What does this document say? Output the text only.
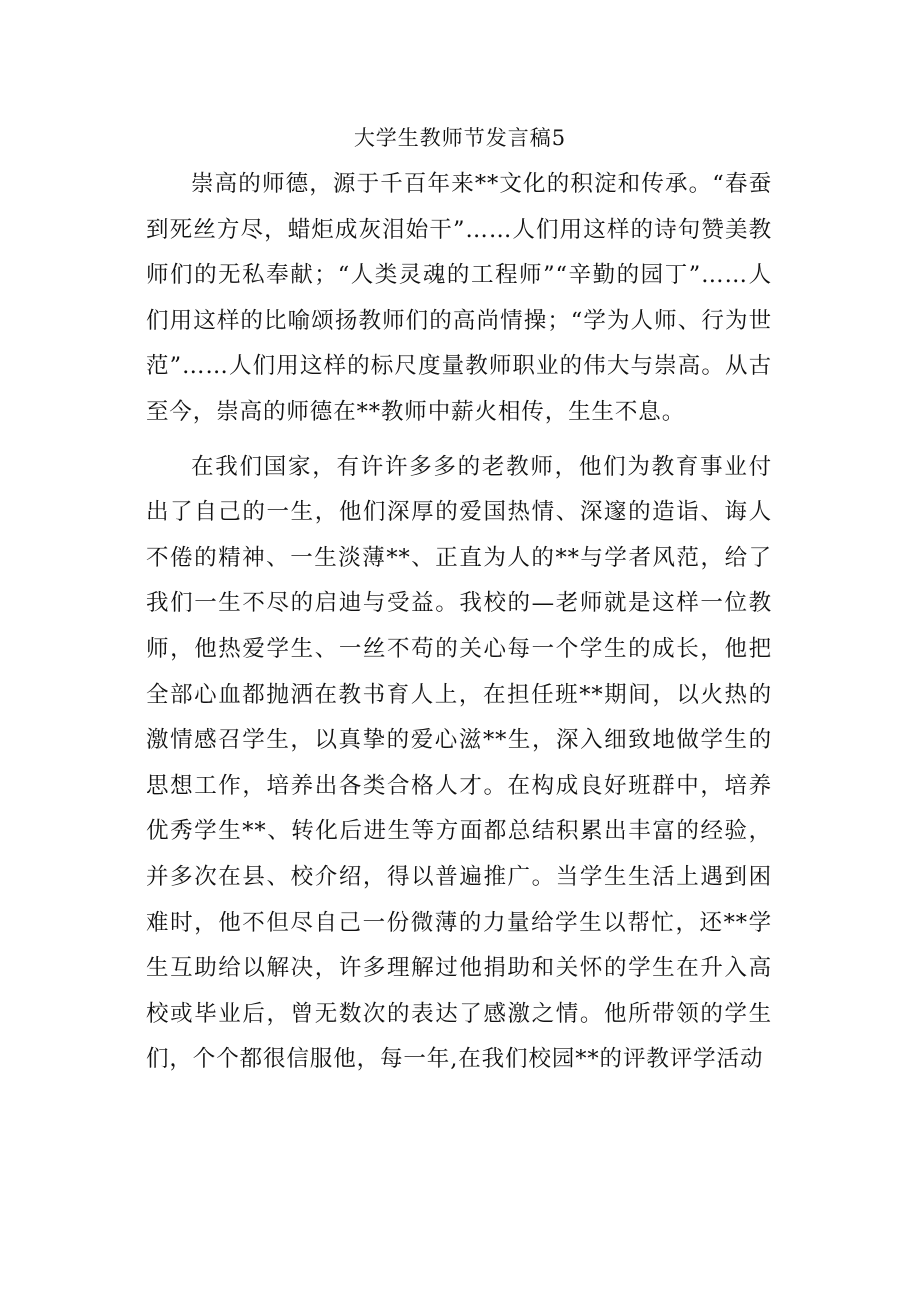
大学生教师节发言稿5

崇高的师德，源于千百年来**文化的积淀和传承。“春蚕到死丝方尽，蜡炬成灰泪始干”……人们用这样的诗句赞美教师们的无私奉献；“人类灵魂的工程师”“辛勤的园丁”……人们用这样的比喻颂扬教师们的高尚情操；“学为人师、行为世范”……人们用这样的标尺度量教师职业的伟大与崇高。从古至今，崇高的师德在**教师中薪火相传，生生不息。

在我们国家，有许许多多的老教师，他们为教育事业付出了自己的一生，他们深厚的爱国热情、深邃的造诣、诲人不倦的精神、一生淡薄**、正直为人的**与学者风范，给了我们一生不尽的启迪与受益。我校的—老师就是这样一位教师，他热爱学生、一丝不苟的关心每一个学生的成长，他把全部心血都抛洒在教书育人上，在担任班**期间，以火热的激情感召学生，以真挚的爱心滋**生，深入细致地做学生的思想工作，培养出各类合格人才。在构成良好班群中，培养优秀学生**、转化后进生等方面都总结积累出丰富的经验，并多次在县、校介绍，得以普遍推广。当学生生活上遇到困难时，他不但尽自己一份微薄的力量给学生以帮忙，还**学生互助给以解决，许多理解过他捐助和关怀的学生在升入高校或毕业后，曾无数次的表达了感激之情。他所带领的学生们，个个都很信服他，每一年,在我们校园**的评教评学活动
